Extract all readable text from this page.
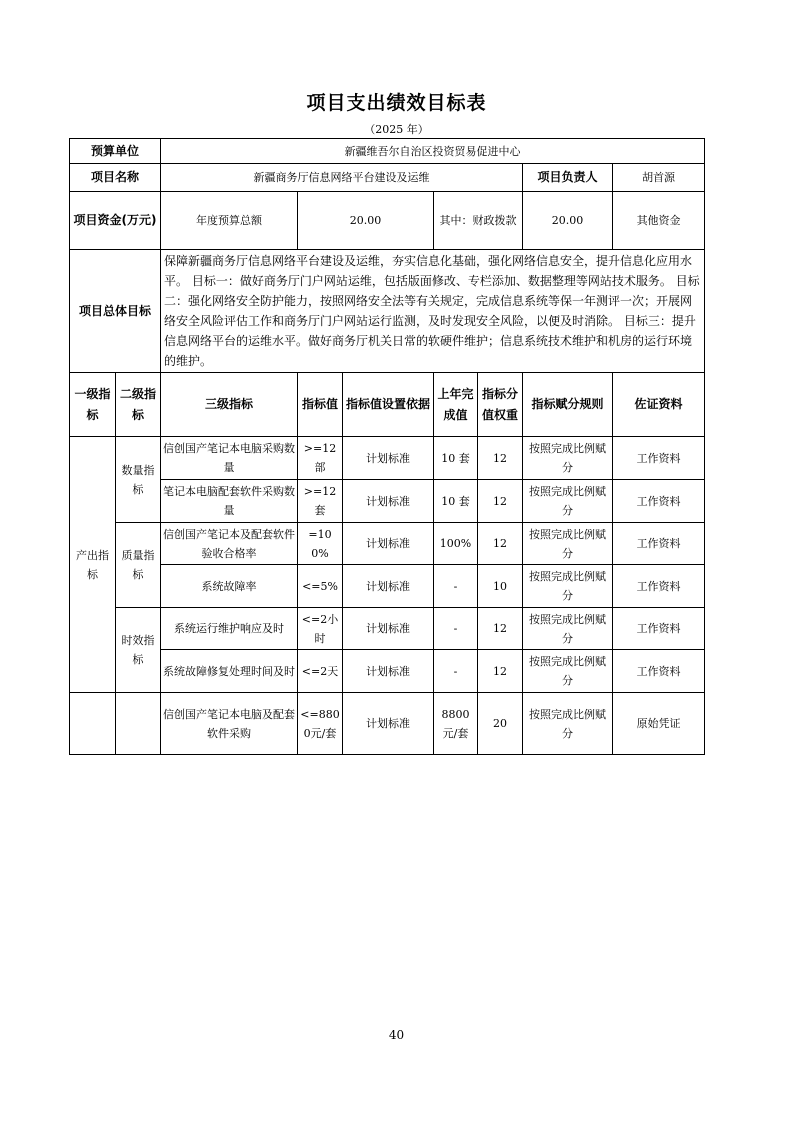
项目支出绩效目标表
（2025 年）
预算单位		新疆维吾尔自治区投资贸易促进中心							
项目名称		新疆商务厅信息网络平台建设及运维					项目负责人	胡首源	
项目资金(万元)		年度预算总额	20.00		其中：财政拨款		20.00	其他资金	
项目总体目标		保障新疆商务厅信息网络平台建设及运维，夯实信息化基础，强化网络信息安全，提升信息化应用水平。 目标一：做好商务厅门户网站运维，包括版面修改、专栏添加、数据整理等网站技术服务。 目标二：强化网络安全防护能力，按照网络安全法等有关规定，完成信息系统等保一年测评一次；开展网络安全风险评估工作和商务厅门户网站运行监测，及时发现安全风险，以便及时消除。 目标三：提升信息网络平台的运维水平。做好商务厅机关日常的软硬件维护；信息系统技术维护和机房的运行环境的维护。							
一级指标	二级指标	三级指标	指标值	指标值设置依据	上年完成值	指标分值权重	指标赋分规则	佐证资料	
产出指标	数量指标	信创国产笔记本电脑采购数量	>=12部	计划标准	10 套	12	按照完成比例赋分	工作资料	
		笔记本电脑配套软件采购数量	>=12套	计划标准	10 套	12	按照完成比例赋分	工作资料	
	质量指标	信创国产笔记本及配套软件验收合格率	=100%	计划标准	100%	12	按照完成比例赋分	工作资料	
		系统故障率	<=5%	计划标准	-	10	按照完成比例赋分	工作资料	
	时效指标	系统运行维护响应及时	<=2小时	计划标准	-	12	按照完成比例赋分	工作资料	
		系统故障修复处理时间及时	<=2天	计划标准	-	12	按照完成比例赋分	工作资料	
		信创国产笔记本电脑及配套软件采购	<=8800元/套	计划标准	8800元/套	20	按照完成比例赋分	原始凭证	
40
